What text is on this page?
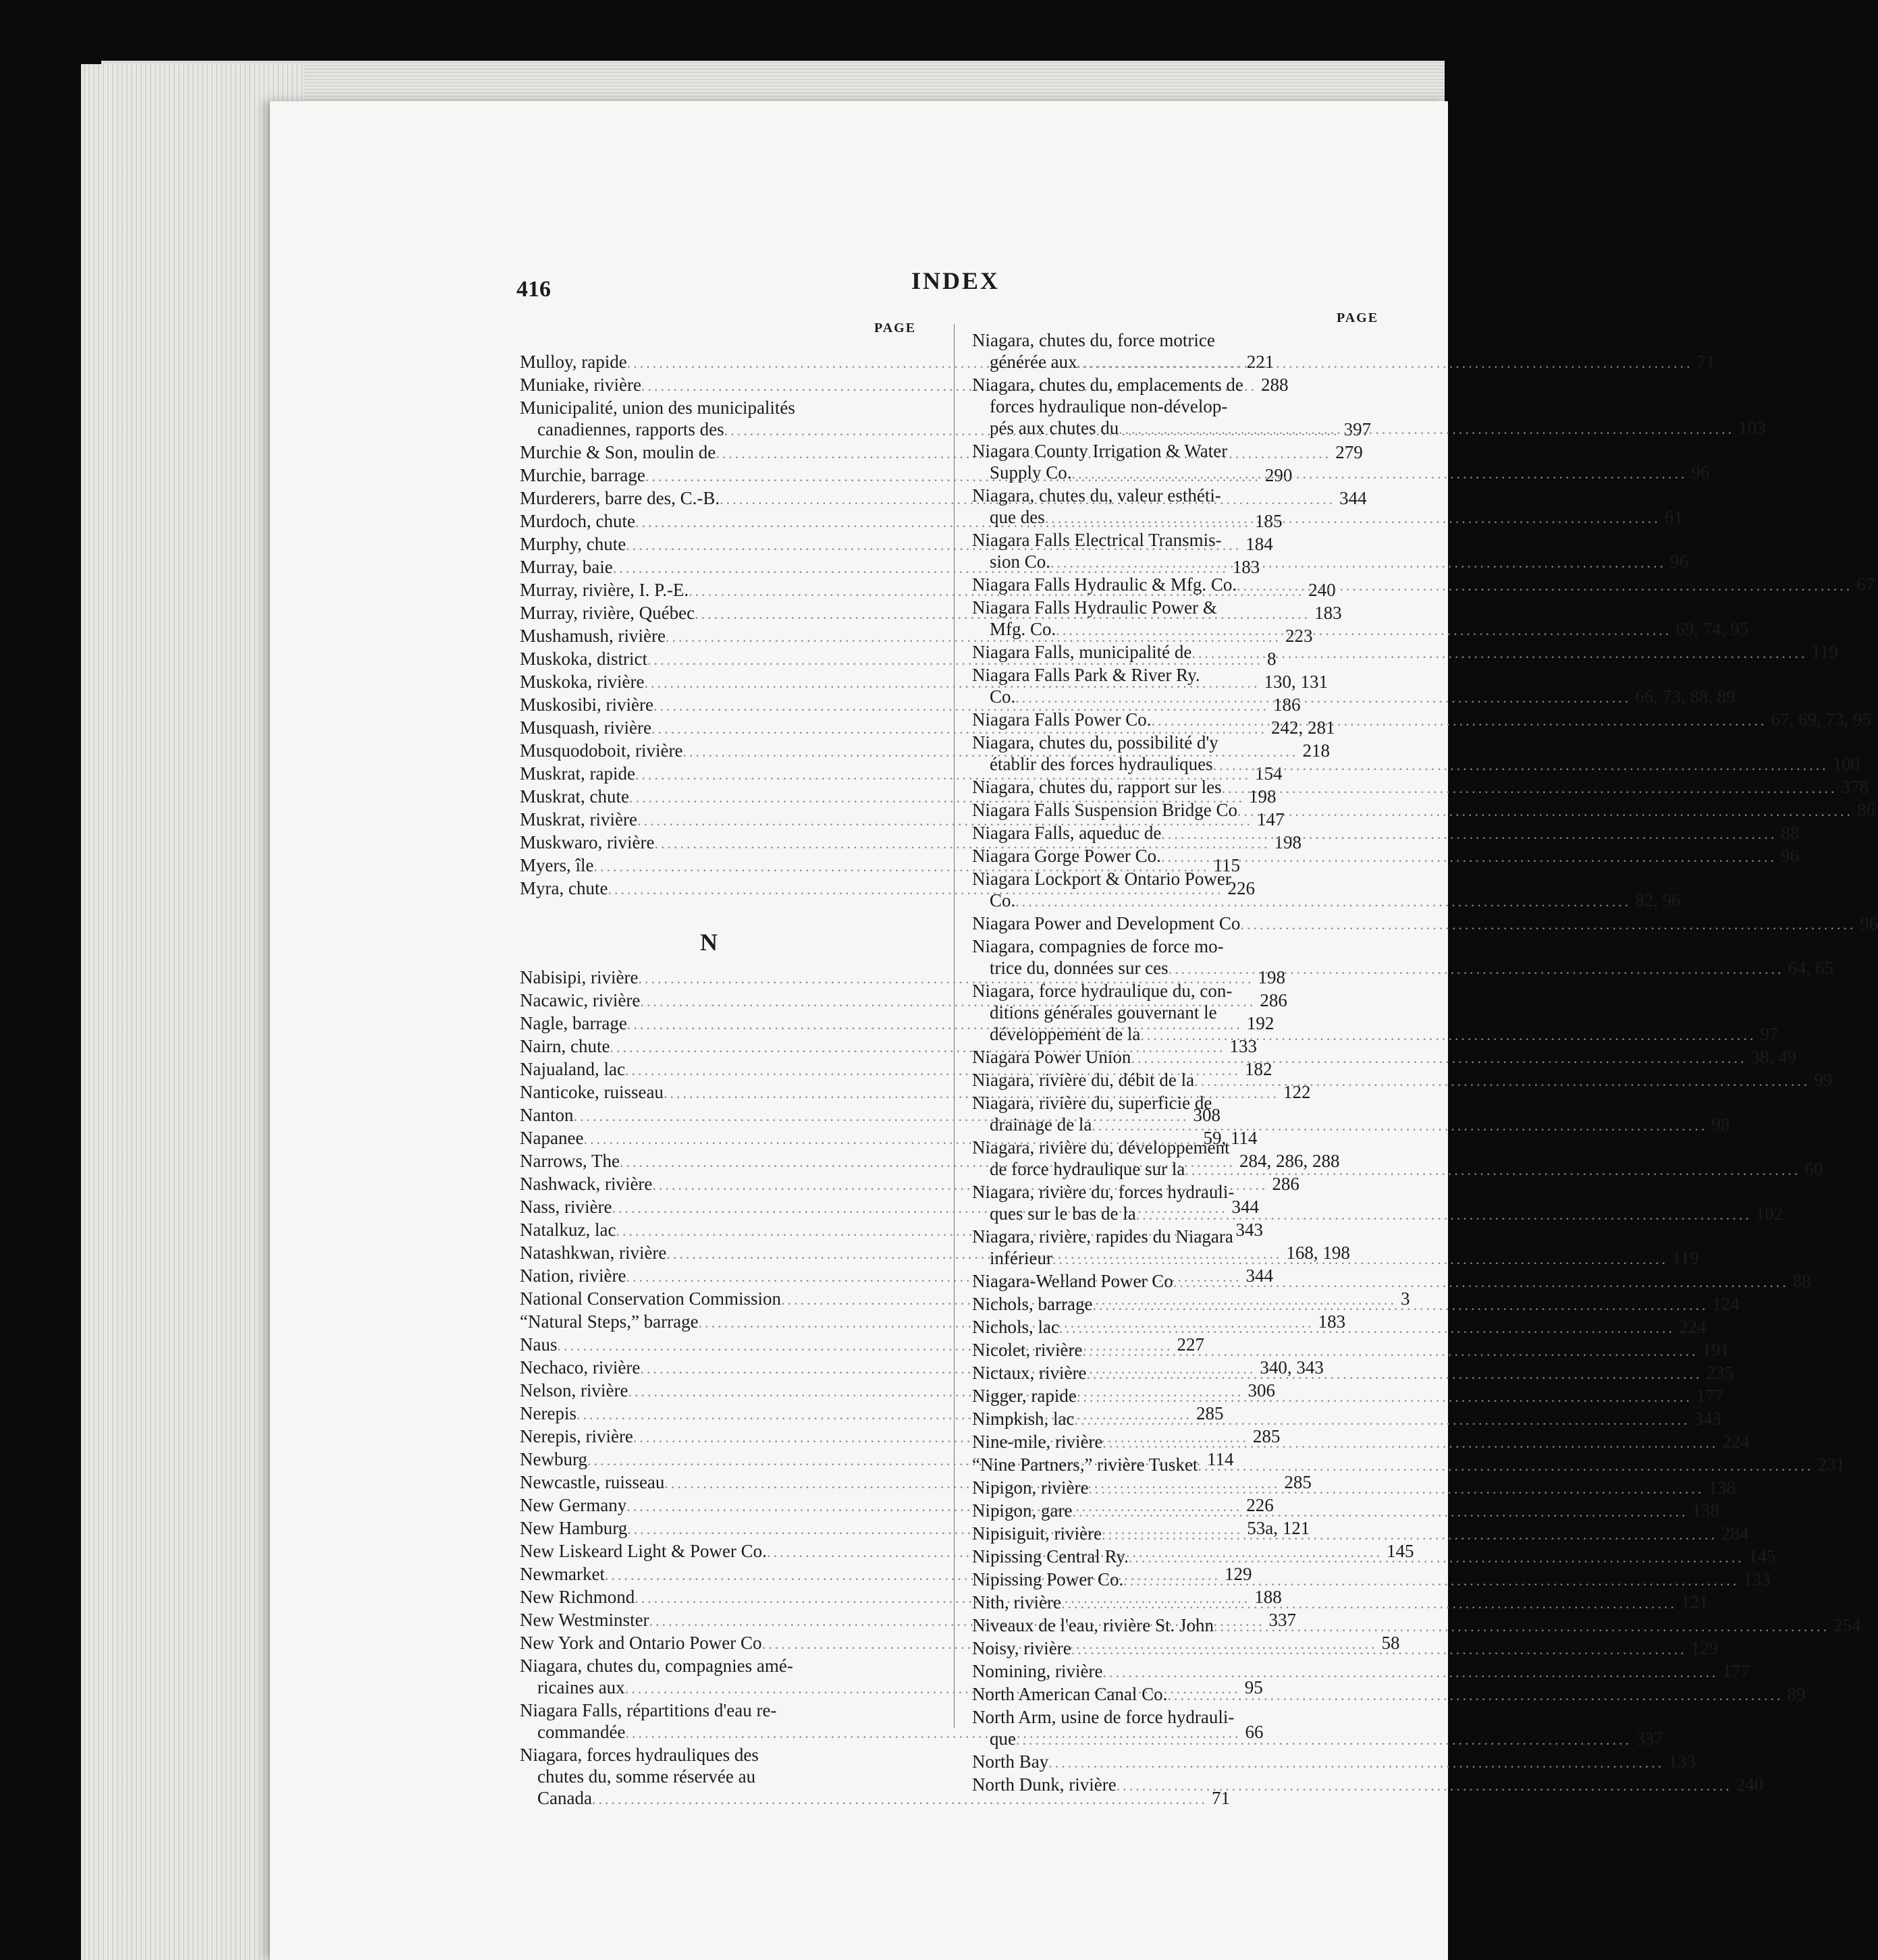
416	INDEX
PAGE
PAGE
Mulloy, rapide .....	221
Muniake, rivière .....	288
Municipalité, union des municipalités
canadiennes, rapports des .....	397
Murchie & Son, moulin de .....	279
Murchie, barrage .....	290
Murderers, barre des, C.-B. .....	344
Murdoch, chute .....	185
Murphy, chute .....	184
Murray, baie .....	183
Murray, rivière, I. P.-E. .....	240
Murray, rivière, Québec .....	183
Mushamush, rivière .....	223
Muskoka, district .....	8
Muskoka, rivière .....	130, 131
Muskosibi, rivière .....	186
Musquash, rivière .....	242, 281
Musquodoboit, rivière .....	218
Muskrat, rapide .....	154
Muskrat, chute .....	198
Muskrat, rivière .....	147
Muskwaro, rivière .....	198
Myers, île .....	115
Myra, chute .....	226
N
Nabisipi, rivière .....	198
Nacawic, rivière .....	286
Nagle, barrage .....	192
Nairn, chute .....	133
Najualand, lac .....	182
Nanticoke, ruisseau .....	122
Nanton .....	308
Napanee .....	59, 114
Narrows, The .....	284, 286, 288
Nashwack, rivière .....	286
Nass, rivière .....	344
Natalkuz, lac .....	343
Natashkwan, rivière .....	168, 198
Nation, rivière .....	344
National Conservation Commission .....	3
“Natural Steps,” barrage .....	183
Naus .....	227
Nechaco, rivière .....	340, 343
Nelson, rivière .....	306
Nerepis .....	285
Nerepis, rivière .....	285
Newburg .....	114
Newcastle, ruisseau .....	285
New Germany .....	226
New Hamburg .....	53a, 121
New Liskeard Light & Power Co. .....	145
Newmarket .....	129
New Richmond .....	188
New Westminster .....	337
New York and Ontario Power Co .....	58
Niagara, chutes du, compagnies amé-
ricaines aux .....	95
Niagara Falls, répartitions d'eau re-
commandée .....	66
Niagara, forces hydrauliques des
chutes du, somme réservée au
Canada .....	71
Niagara, chutes du, force motrice
générée aux .....	71
Niagara, chutes du, emplacements de
forces hydraulique non-dévelop-
pés aux chutes du .....	103
Niagara County Irrigation & Water
Supply Co. .....	96
Niagara, chutes du, valeur esthéti-
que des .....	61
Niagara Falls Electrical Transmis-
sion Co. .....	96
Niagara Falls Hydraulic & Mfg. Co. .....	67
Niagara Falls Hydraulic Power &
Mfg. Co. .....	69, 74, 95
Niagara Falls, municipalité de .....	119
Niagara Falls Park & River Ry.
Co. .....	66, 73, 88, 89
Niagara Falls Power Co. .....	67, 69, 73, 95
Niagara, chutes du, possibilité d'y
établir des forces hydrauliques .....	100
Niagara, chutes du, rapport sur les .....	378
Niagara Falls Suspension Bridge Co .....	86
Niagara Falls, aqueduc de .....	88
Niagara Gorge Power Co. .....	96
Niagara Lockport & Ontario Power
Co. .....	82, 96
Niagara Power and Development Co .....	96
Niagara, compagnies de force mo-
trice du, données sur ces .....	64, 65
Niagara, force hydraulique du, con-
ditions générales gouvernant le
développement de la .....	97
Niagara Power Union .....	38, 49
Niagara, rivière du, débit de la .....	99
Niagara, rivière du, superficie de
drainage de la .....	98
Niagara, rivière du, développement
de force hydraulique sur la .....	60
Niagara, rivière du, forces hydrauli-
ques sur le bas de la .....	102
Niagara, rivière, rapides du Niagara
inférieur .....	119
Niagara-Welland Power Co .....	88
Nichols, barrage .....	124
Nichols, lac .....	224
Nicolet, rivière .....	191
Nictaux, rivière .....	235
Nigger, rapide .....	177
Nimpkish, lac .....	343
Nine-mile, rivière .....	224
“Nine Partners,” rivière Tusket .....	231
Nipigon, rivière .....	138
Nipigon, gare .....	138
Nipisiguit, rivière .....	284
Nipissing Central Ry. .....	145
Nipissing Power Co. .....	133
Nith, rivière .....	121
Niveaux de l'eau, rivière St. John .....	254
Noisy, rivière .....	129
Nomining, rivière .....	177
North American Canal Co. .....	89
North Arm, usine de force hydrauli-
que .....	337
North Bay .....	133
North Dunk, rivière .....	240
